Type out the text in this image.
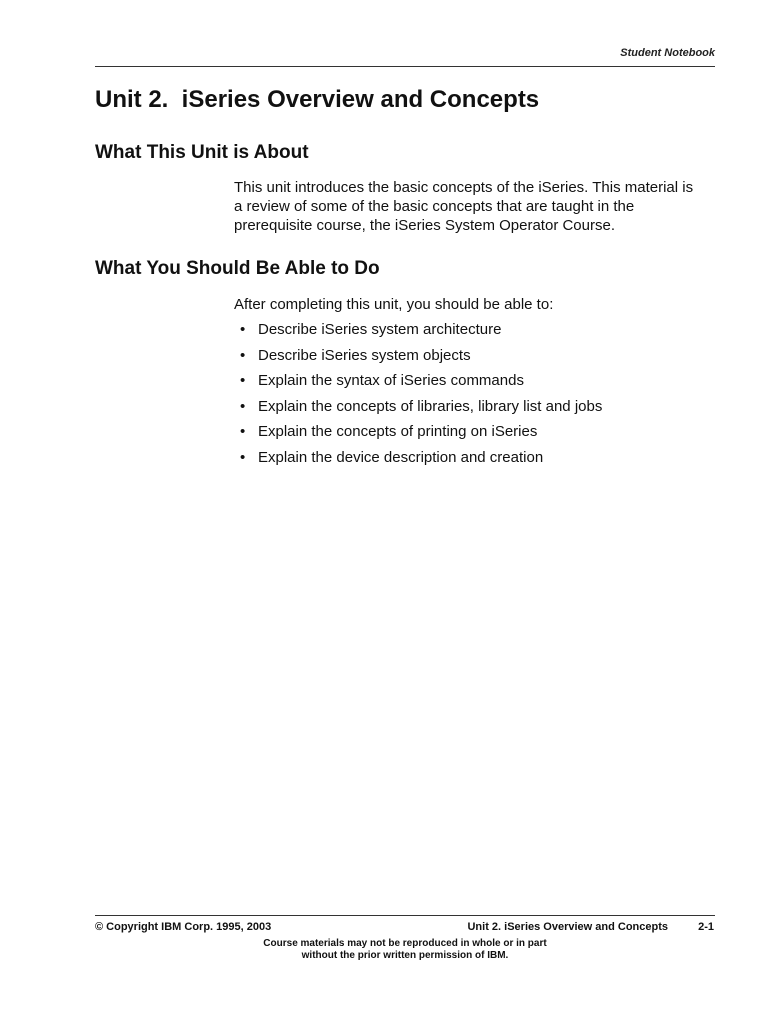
Student Notebook
Unit 2.  iSeries Overview and Concepts
What This Unit is About

This unit introduces the basic concepts of the iSeries. This material is
a review of some of the basic concepts that are taught in the
prerequisite course, the iSeries System Operator Course.

What You Should Be Able to Do

After completing this unit, you should be able to:

• Describe iSeries system architecture
• Describe iSeries system objects
• Explain the syntax of iSeries commands
• Explain the concepts of libraries, library list and jobs
• Explain the concepts of printing on iSeries
• Explain the device description and creation
© Copyright IBM Corp. 1995, 2003	Unit 2. iSeries Overview and Concepts	2-1
Course materials may not be reproduced in whole or in part
without the prior written permission of IBM.
